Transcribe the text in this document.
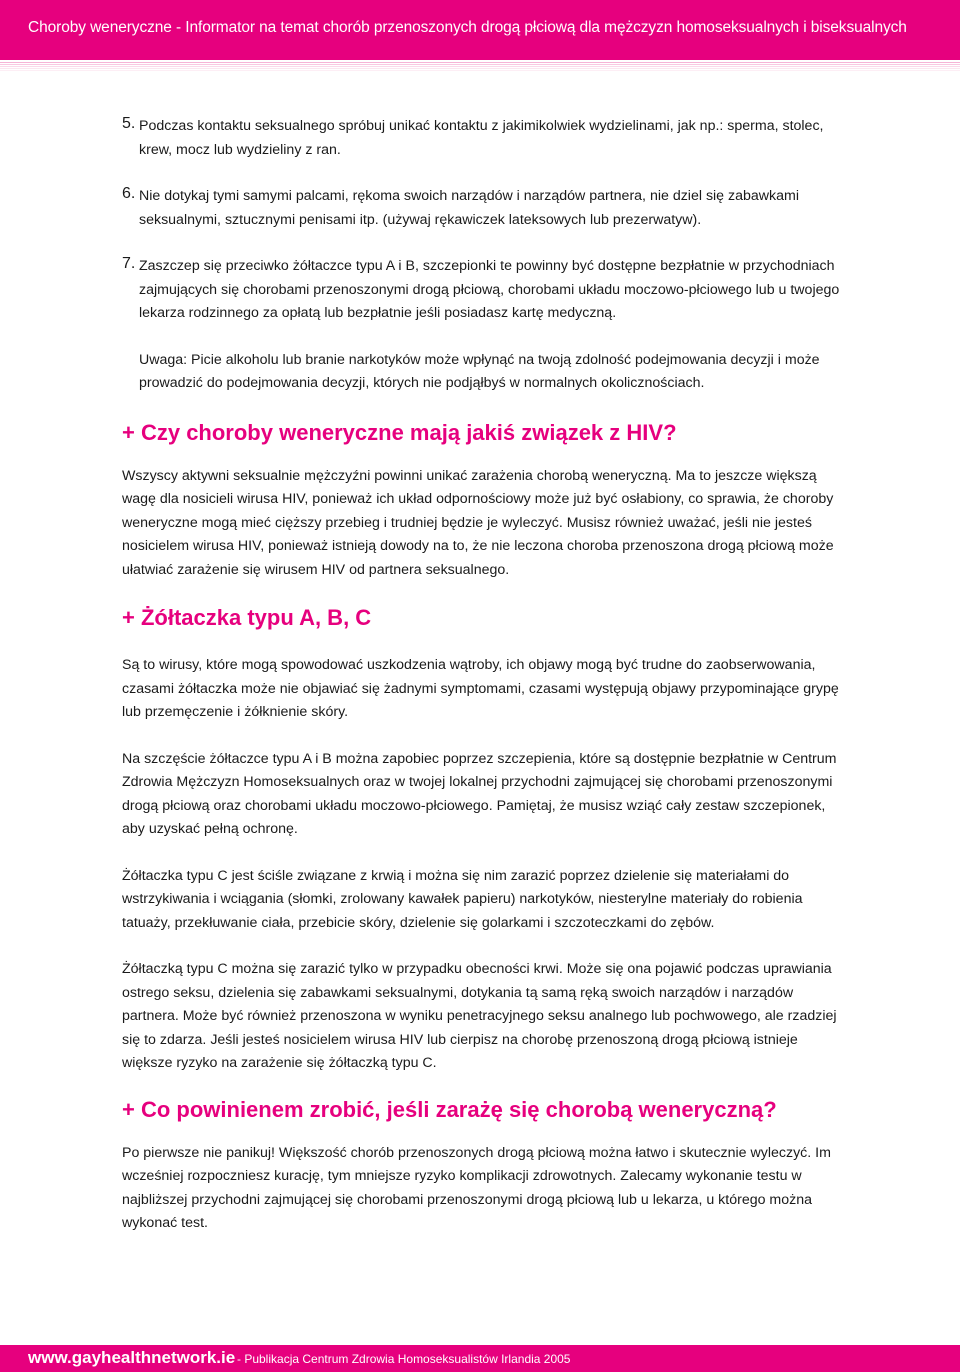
Choroby weneryczne - Informator na temat chorób przenoszonych drogą płciową dla mężczyzn homoseksualnych i biseksualnych
5. Podczas kontaktu seksualnego spróbuj unikać kontaktu z jakimikolwiek wydzielinami, jak np.: sperma, stolec, krew, mocz lub wydzieliny z ran.

6. Nie dotykaj tymi samymi palcami, rękoma swoich narządów i narządów partnera, nie dziel się zabawkami seksualnymi, sztucznymi penisami itp. (używaj rękawiczek lateksowych lub prezerwatyw).

7. Zaszczep się przeciwko żółtaczce typu A i B, szczepionki te powinny być dostępne bezpłatnie w przychodniach zajmujących się chorobami przenoszonymi drogą płciową, chorobami układu moczowo-płciowego lub u twojego lekarza rodzinnego za opłatą lub bezpłatnie jeśli posiadasz kartę medyczną.

Uwaga: Picie alkoholu lub branie narkotyków może wpłynąć na twoją zdolność podejmowania decyzji i może prowadzić do podejmowania decyzji, których nie podjąłbyś w normalnych okolicznościach.

+ Czy choroby weneryczne mają jakiś związek z HIV?

Wszyscy aktywni seksualnie mężczyźni powinni unikać zarażenia chorobą weneryczną. Ma to jeszcze większą wagę dla nosicieli wirusa HIV, ponieważ ich układ odpornościowy może już być osłabiony, co sprawia, że choroby weneryczne mogą mieć cięższy przebieg i trudniej będzie je wyleczyć. Musisz również uważać, jeśli nie jesteś nosicielem wirusa HIV, ponieważ istnieją dowody na to, że nie leczona choroba przenoszona drogą płciową może ułatwiać zarażenie się wirusem HIV od partnera seksualnego.

+ Żółtaczka typu A, B, C

Są to wirusy, które mogą spowodować uszkodzenia wątroby, ich objawy mogą być trudne do zaobserwowania, czasami żółtaczka może nie objawiać się żadnymi symptomami, czasami występują objawy przypominające grypę lub przemęczenie i żółknienie skóry.

Na szczęście żółtaczce typu A i B można zapobiec poprzez szczepienia, które są dostępnie bezpłatnie w Centrum Zdrowia Mężczyzn Homoseksualnych oraz w twojej lokalnej przychodni zajmującej się chorobami przenoszonymi drogą płciową oraz chorobami układu moczowo-płciowego. Pamiętaj, że musisz wziąć cały zestaw szczepionek, aby uzyskać pełną ochronę.

Żółtaczka typu C jest ściśle związane z krwią i można się nim zarazić poprzez dzielenie się materiałami do wstrzykiwania i wciągania (słomki, zrolowany kawałek papieru) narkotyków, niesterylne materiały do robienia tatuaży, przekłuwanie ciała, przebicie skóry, dzielenie się golarkami i szczoteczkami do zębów.

Żółtaczką typu C można się zarazić tylko w przypadku obecności krwi. Może się ona pojawić podczas uprawiania ostrego seksu, dzielenia się zabawkami seksualnymi, dotykania tą samą ręką swoich narządów i narządów partnera. Może być również przenoszona w wyniku penetracyjnego seksu analnego lub pochwowego, ale rzadziej się to zdarza. Jeśli jesteś nosicielem wirusa HIV lub cierpisz na chorobę przenoszoną drogą płciową istnieje większe ryzyko na zarażenie się żółtaczką typu C.

+ Co powinienem zrobić, jeśli zarażę się chorobą weneryczną?

Po pierwsze nie panikuj! Większość chorób przenoszonych drogą płciową można łatwo i skutecznie wyleczyć. Im wcześniej rozpoczniesz kurację, tym mniejsze ryzyko komplikacji zdrowotnych. Zalecamy wykonanie testu w najbliższej przychodni zajmującej się chorobami przenoszonymi drogą płciową lub u lekarza, u którego można wykonać test.

www.gayhealthnetwork.ie - Publikacja Centrum Zdrowia Homoseksualistów Irlandia 2005
